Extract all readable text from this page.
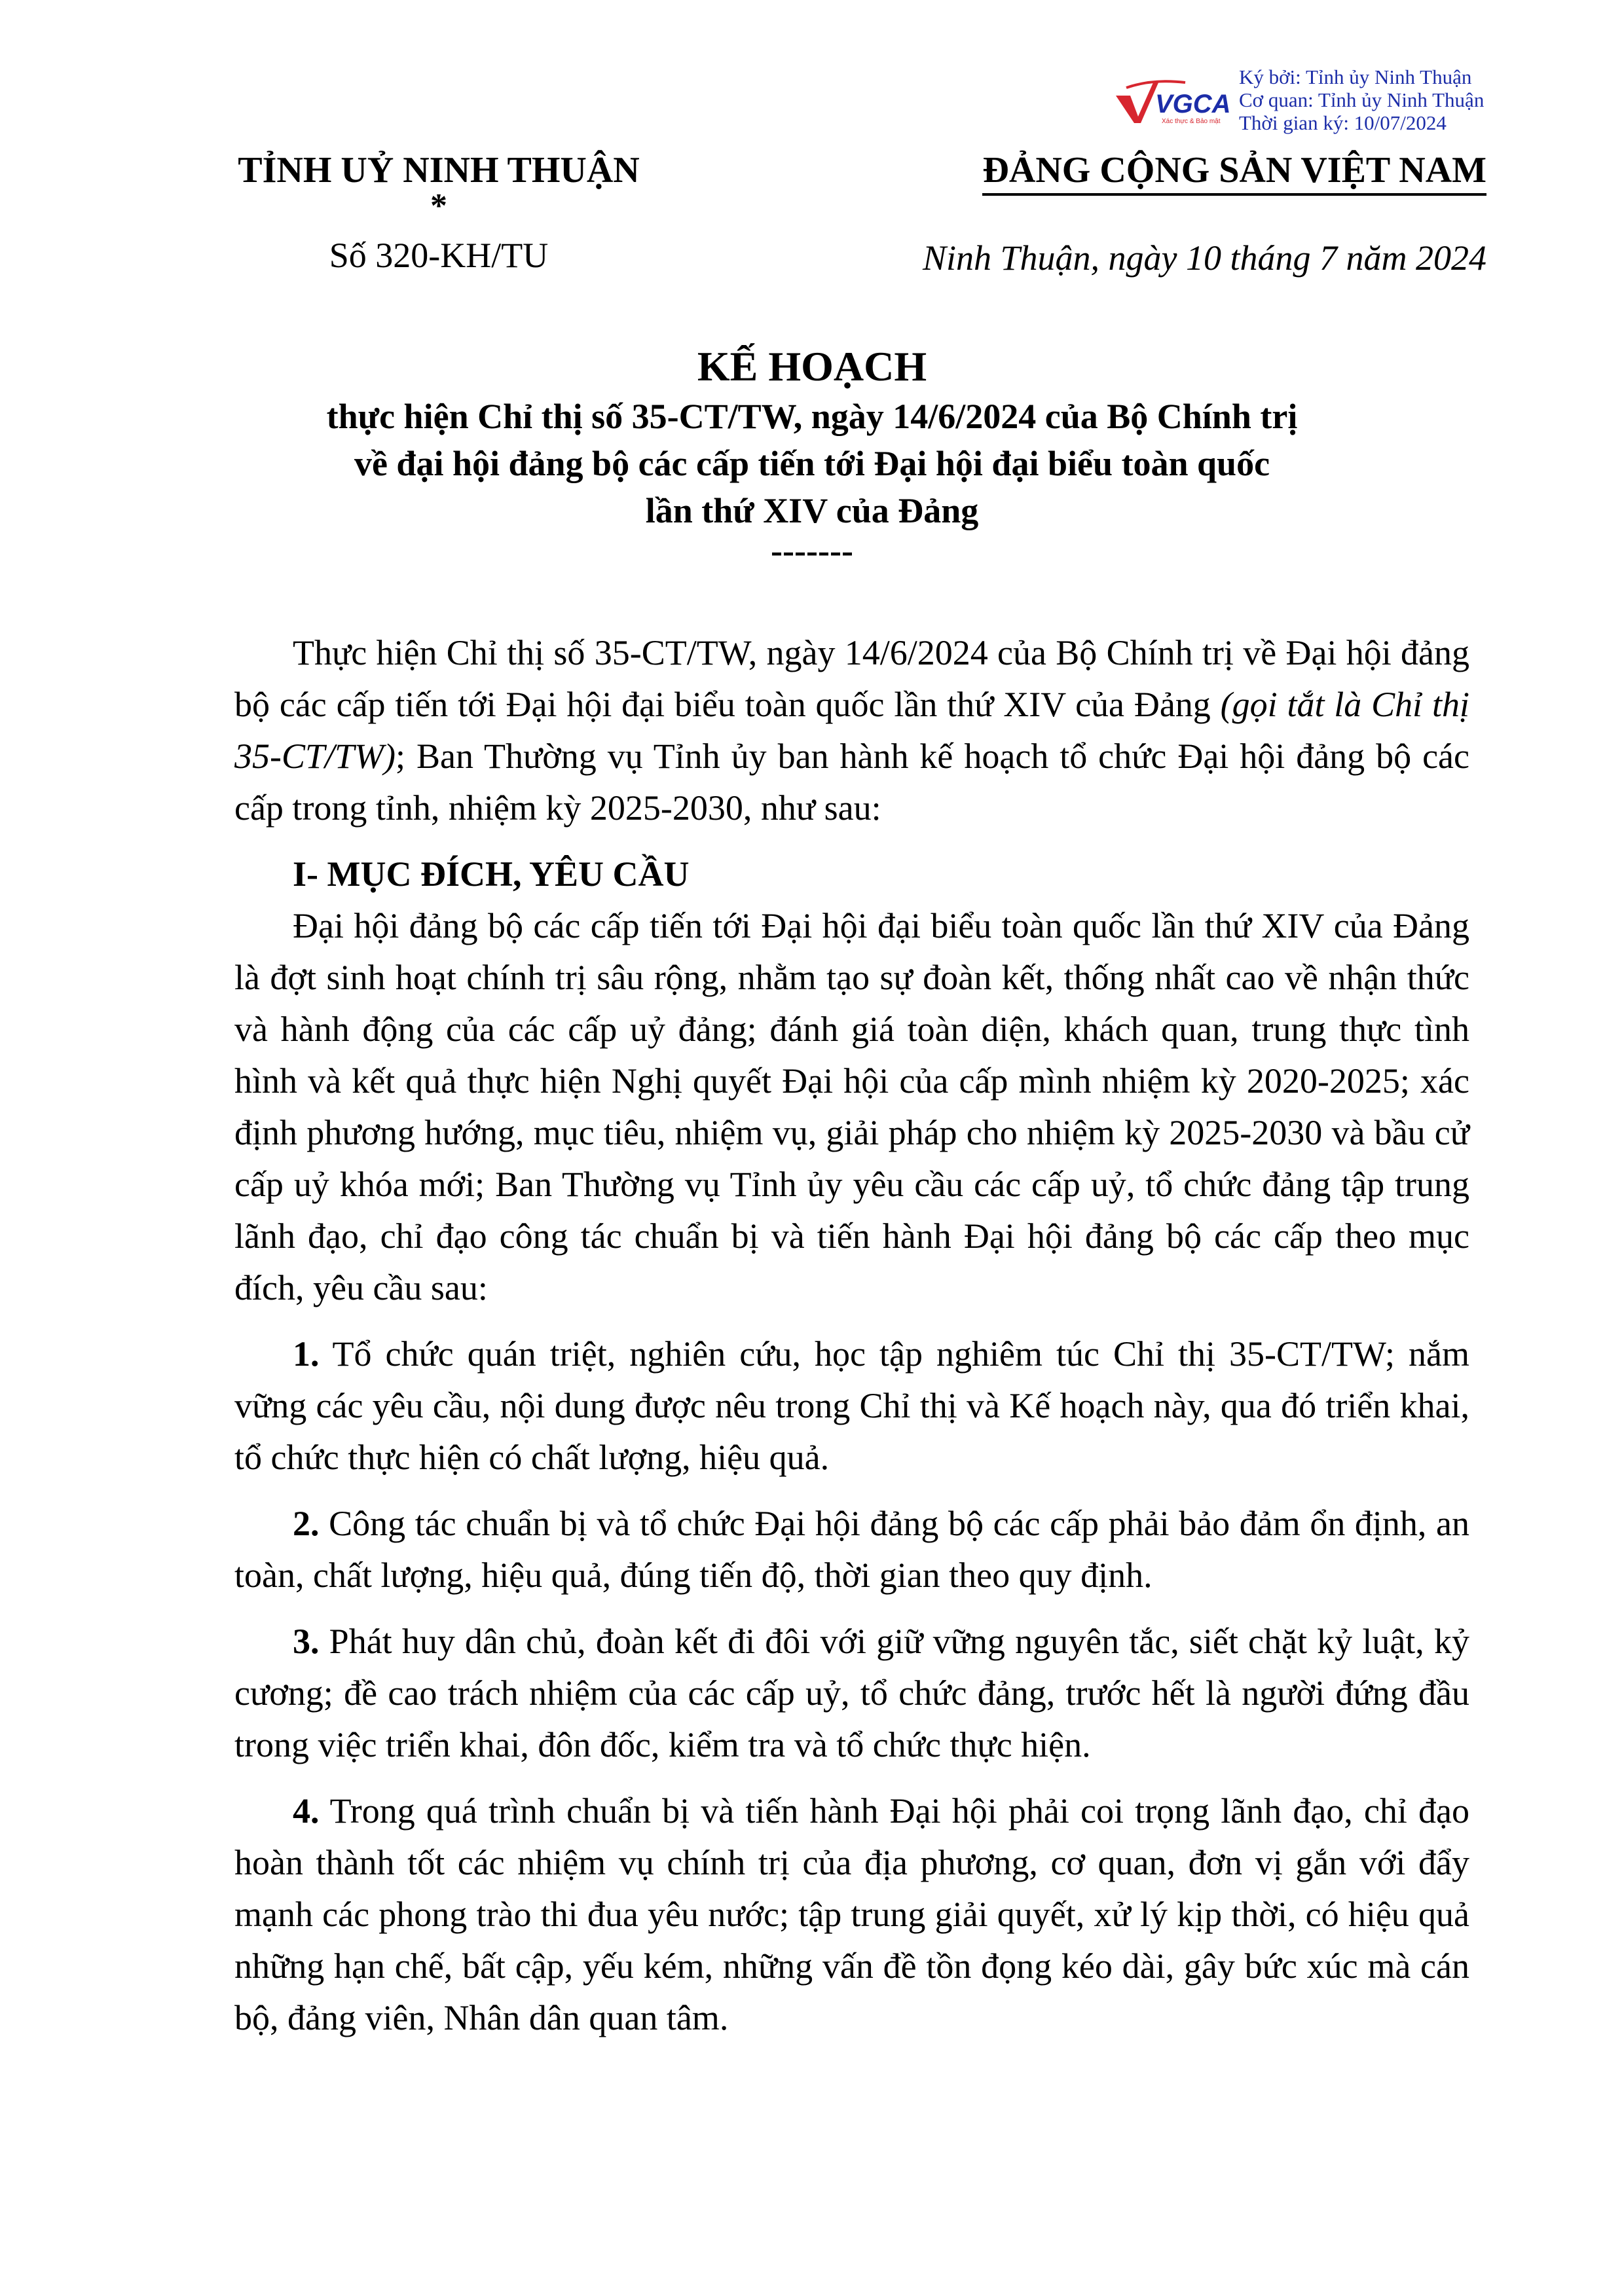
VGCA
Xác thực & Bảo mật
Ký bởi: Tỉnh ủy Ninh Thuận
Cơ quan: Tỉnh ủy Ninh Thuận
Thời gian ký: 10/07/2024
TỈNH UỶ NINH THUẬN
*
Số 320-KH/TU
ĐẢNG CỘNG SẢN VIỆT NAM
Ninh Thuận, ngày 10 tháng 7 năm 2024
KẾ HOẠCH
thực hiện Chỉ thị số 35-CT/TW, ngày 14/6/2024 của Bộ Chính trị
về đại hội đảng bộ các cấp tiến tới Đại hội đại biểu toàn quốc
lần thứ XIV của Đảng
-------

Thực hiện Chỉ thị số 35-CT/TW, ngày 14/6/2024 của Bộ Chính trị về Đại hội đảng bộ các cấp tiến tới Đại hội đại biểu toàn quốc lần thứ XIV của Đảng (gọi tắt là Chỉ thị 35-CT/TW); Ban Thường vụ Tỉnh ủy ban hành kế hoạch tổ chức Đại hội đảng bộ các cấp trong tỉnh, nhiệm kỳ 2025-2030, như sau:

I- MỤC ĐÍCH, YÊU CẦU

Đại hội đảng bộ các cấp tiến tới Đại hội đại biểu toàn quốc lần thứ XIV của Đảng là đợt sinh hoạt chính trị sâu rộng, nhằm tạo sự đoàn kết, thống nhất cao về nhận thức và hành động của các cấp uỷ đảng; đánh giá toàn diện, khách quan, trung thực tình hình và kết quả thực hiện Nghị quyết Đại hội của cấp mình nhiệm kỳ 2020-2025; xác định phương hướng, mục tiêu, nhiệm vụ, giải pháp cho nhiệm kỳ 2025-2030 và bầu cử cấp uỷ khóa mới; Ban Thường vụ Tỉnh ủy yêu cầu các cấp uỷ, tổ chức đảng tập trung lãnh đạo, chỉ đạo công tác chuẩn bị và tiến hành Đại hội đảng bộ các cấp theo mục đích, yêu cầu sau:

1. Tổ chức quán triệt, nghiên cứu, học tập nghiêm túc Chỉ thị 35-CT/TW; nắm vững các yêu cầu, nội dung được nêu trong Chỉ thị và Kế hoạch này, qua đó triển khai, tổ chức thực hiện có chất lượng, hiệu quả.

2. Công tác chuẩn bị và tổ chức Đại hội đảng bộ các cấp phải bảo đảm ổn định, an toàn, chất lượng, hiệu quả, đúng tiến độ, thời gian theo quy định.

3. Phát huy dân chủ, đoàn kết đi đôi với giữ vững nguyên tắc, siết chặt kỷ luật, kỷ cương; đề cao trách nhiệm của các cấp uỷ, tổ chức đảng, trước hết là người đứng đầu trong việc triển khai, đôn đốc, kiểm tra và tổ chức thực hiện.

4. Trong quá trình chuẩn bị và tiến hành Đại hội phải coi trọng lãnh đạo, chỉ đạo hoàn thành tốt các nhiệm vụ chính trị của địa phương, cơ quan, đơn vị gắn với đẩy mạnh các phong trào thi đua yêu nước; tập trung giải quyết, xử lý kịp thời, có hiệu quả những hạn chế, bất cập, yếu kém, những vấn đề tồn đọng kéo dài, gây bức xúc mà cán bộ, đảng viên, Nhân dân quan tâm.
